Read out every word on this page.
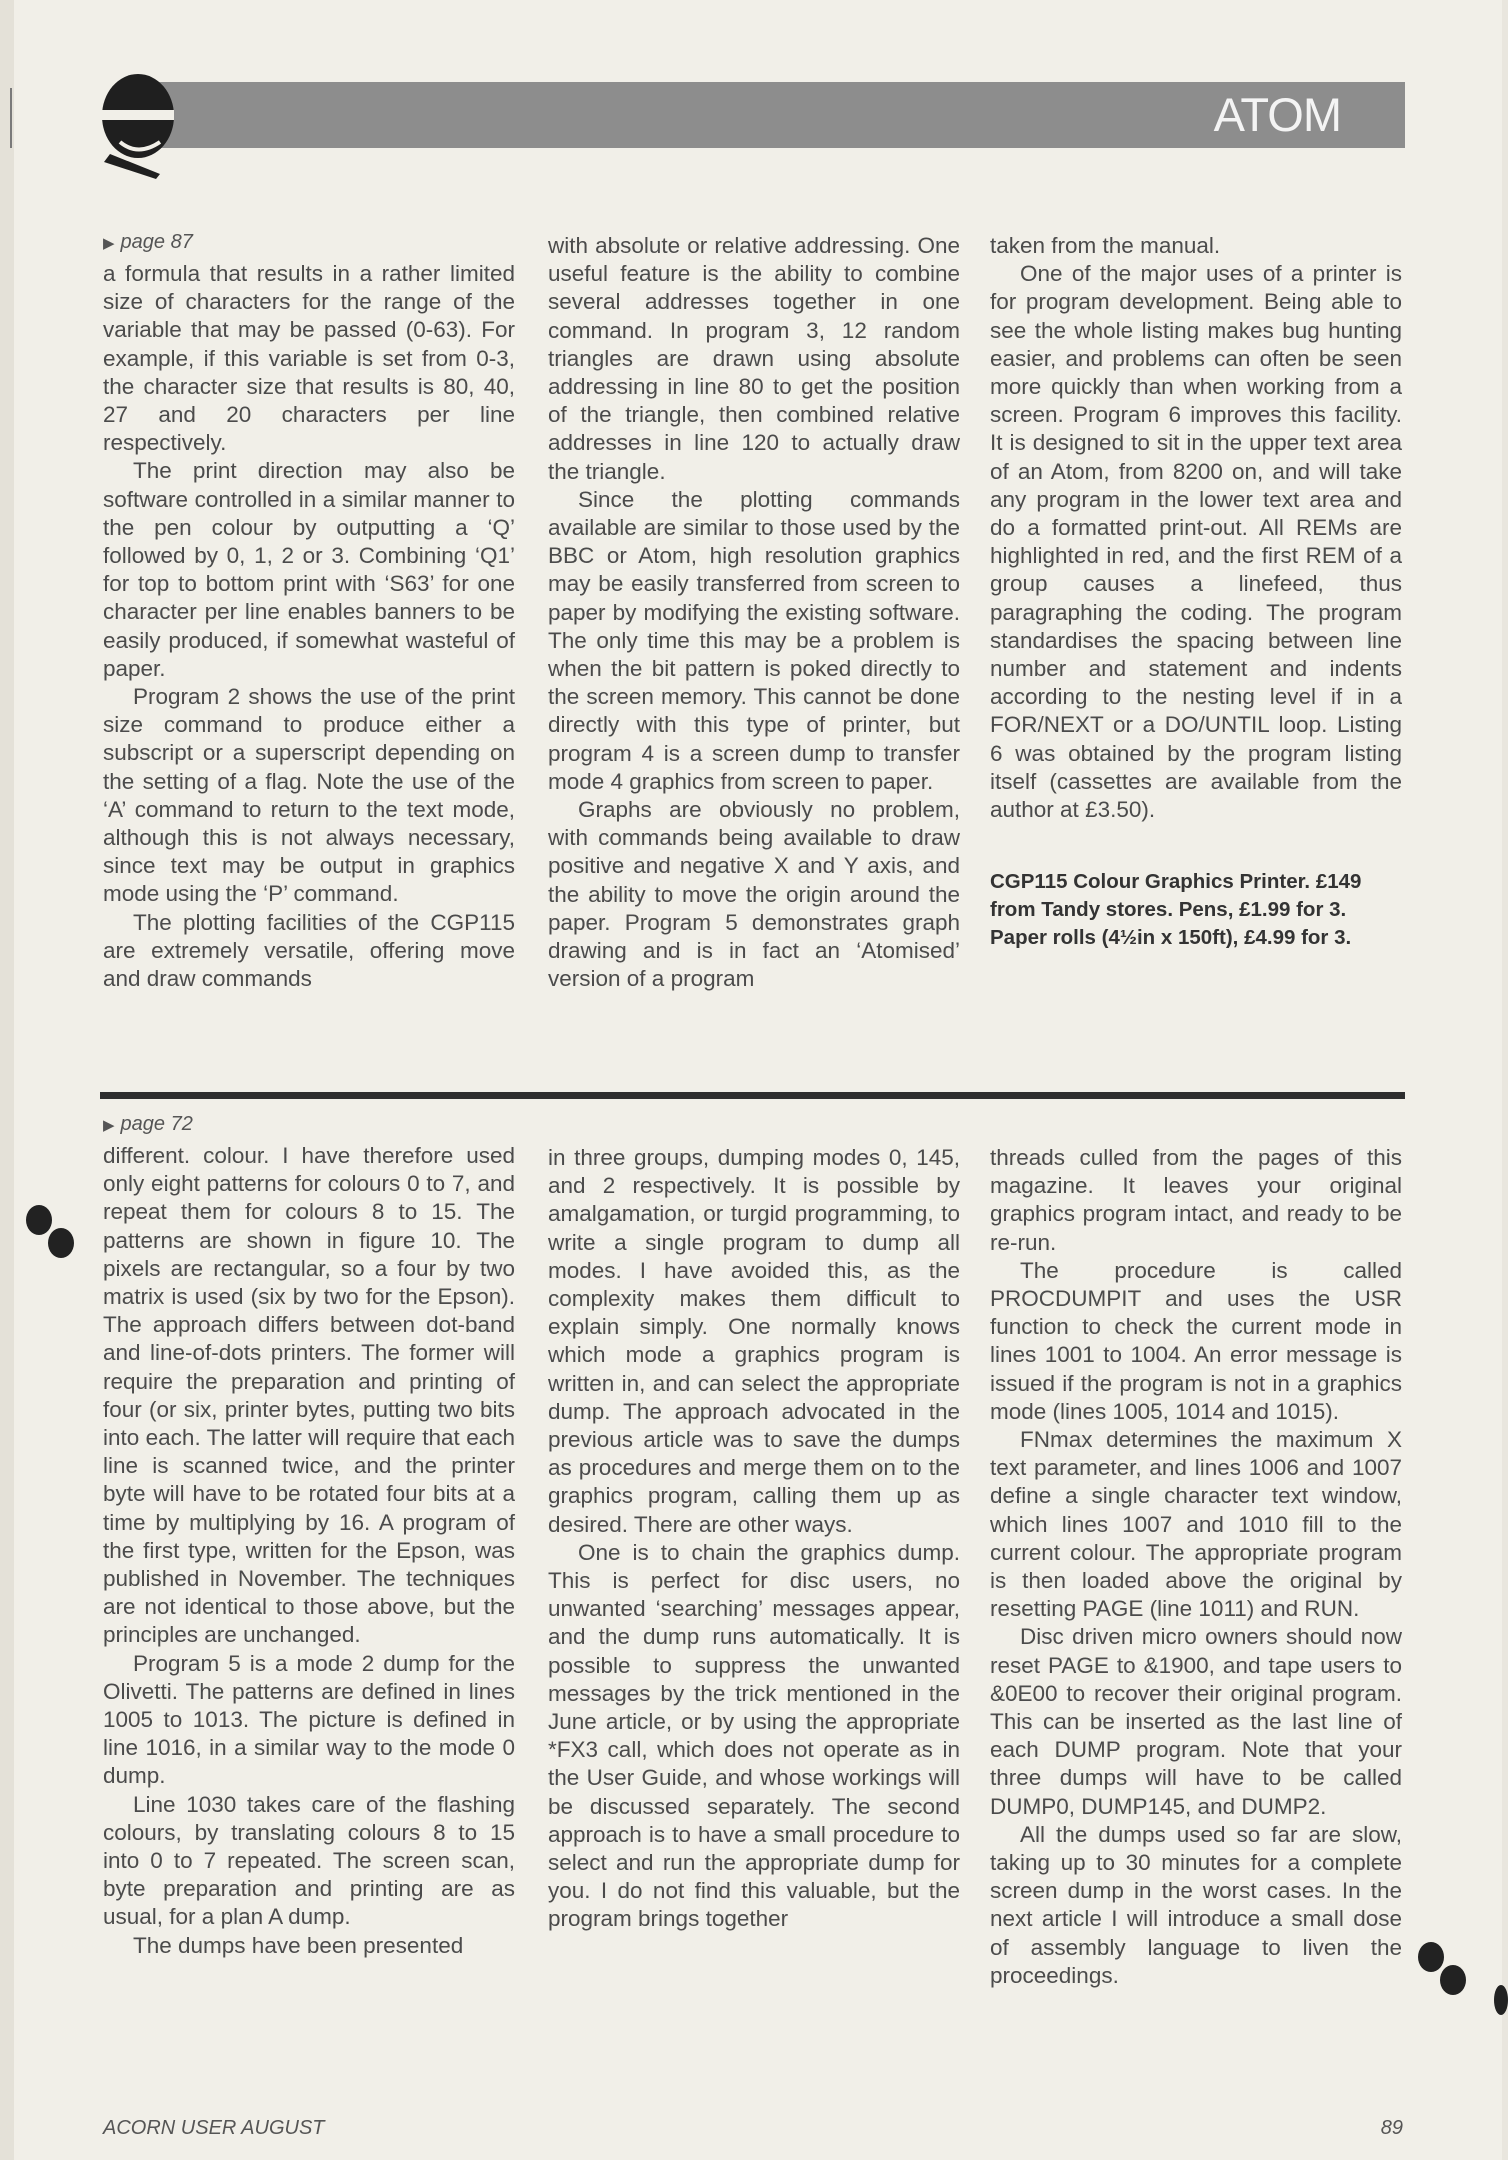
ATOM
▶ page 87

a formula that results in a rather limited size of characters for the range of the variable that may be passed (0-63). For example, if this variable is set from 0-3, the character size that results is 80, 40, 27 and 20 characters per line respectively.

The print direction may also be software controlled in a similar manner to the pen colour by outputting a ‘Q’ followed by 0, 1, 2 or 3. Combining ‘Q1’ for top to bottom print with ‘S63’ for one character per line enables banners to be easily produced, if somewhat wasteful of paper.

Program 2 shows the use of the print size command to produce either a subscript or a superscript depending on the setting of a flag. Note the use of the ‘A’ command to return to the text mode, although this is not always necessary, since text may be output in graphics mode using the ‘P’ command.

The plotting facilities of the CGP115 are extremely versatile, offering move and draw commands

with absolute or relative addressing. One useful feature is the ability to combine several addresses together in one command. In program 3, 12 random triangles are drawn using absolute addressing in line 80 to get the position of the triangle, then combined relative addresses in line 120 to actually draw the triangle.

Since the plotting commands available are similar to those used by the BBC or Atom, high resolution graphics may be easily transferred from screen to paper by modifying the existing software. The only time this may be a problem is when the bit pattern is poked directly to the screen memory. This cannot be done directly with this type of printer, but program 4 is a screen dump to transfer mode 4 graphics from screen to paper.

Graphs are obviously no problem, with commands being available to draw positive and negative X and Y axis, and the ability to move the origin around the paper. Program 5 demonstrates graph drawing and is in fact an ‘Atomised’ version of a program

taken from the manual.

One of the major uses of a printer is for program development. Being able to see the whole listing makes bug hunting easier, and problems can often be seen more quickly than when working from a screen. Program 6 improves this facility. It is designed to sit in the upper text area of an Atom, from 8200 on, and will take any program in the lower text area and do a formatted print-out. All REMs are highlighted in red, and the first REM of a group causes a linefeed, thus paragraphing the coding. The program standardises the spacing between line number and statement and indents according to the nesting level if in a FOR/NEXT or a DO/UNTIL loop. Listing 6 was obtained by the program listing itself (cassettes are available from the author at £3.50).

CGP115 Colour Graphics Printer. £149 from Tandy stores. Pens, £1.99 for 3. Paper rolls (4½in x 150ft), £4.99 for 3.
▶ page 72

different. colour. I have therefore used only eight patterns for colours 0 to 7, and repeat them for colours 8 to 15. The patterns are shown in figure 10. The pixels are rectangular, so a four by two matrix is used (six by two for the Epson). The approach differs between dot-band and line-of-dots printers. The former will require the preparation and printing of four (or six, printer bytes, putting two bits into each. The latter will require that each line is scanned twice, and the printer byte will have to be rotated four bits at a time by multiplying by 16. A program of the first type, written for the Epson, was published in November. The techniques are not identical to those above, but the principles are unchanged.

Program 5 is a mode 2 dump for the Olivetti. The patterns are defined in lines 1005 to 1013. The picture is defined in line 1016, in a similar way to the mode 0 dump.

Line 1030 takes care of the flashing colours, by translating colours 8 to 15 into 0 to 7 repeated. The screen scan, byte preparation and printing are as usual, for a plan A dump.

The dumps have been presented

in three groups, dumping modes 0, 145, and 2 respectively. It is possible by amalgamation, or turgid programming, to write a single program to dump all modes. I have avoided this, as the complexity makes them difficult to explain simply. One normally knows which mode a graphics program is written in, and can select the appropriate dump. The approach advocated in the previous article was to save the dumps as procedures and merge them on to the graphics program, calling them up as desired. There are other ways.

One is to chain the graphics dump. This is perfect for disc users, no unwanted ‘searching’ messages appear, and the dump runs automatically. It is possible to suppress the unwanted messages by the trick mentioned in the June article, or by using the appropriate *FX3 call, which does not operate as in the User Guide, and whose workings will be discussed separately. The second approach is to have a small procedure to select and run the appropriate dump for you. I do not find this valuable, but the program brings together

threads culled from the pages of this magazine. It leaves your original graphics program intact, and ready to be re-run.

The procedure is called PROCDUMPIT and uses the USR function to check the current mode in lines 1001 to 1004. An error message is issued if the program is not in a graphics mode (lines 1005, 1014 and 1015).

FNmax determines the maximum X text parameter, and lines 1006 and 1007 define a single character text window, which lines 1007 and 1010 fill to the current colour. The appropriate program is then loaded above the original by resetting PAGE (line 1011) and RUN.

Disc driven micro owners should now reset PAGE to &1900, and tape users to &0E00 to recover their original program. This can be inserted as the last line of each DUMP program. Note that your three dumps will have to be called DUMP0, DUMP145, and DUMP2.

All the dumps used so far are slow, taking up to 30 minutes for a complete screen dump in the worst cases. In the next article I will introduce a small dose of assembly language to liven the proceedings.

ACORN USER AUGUST	89
